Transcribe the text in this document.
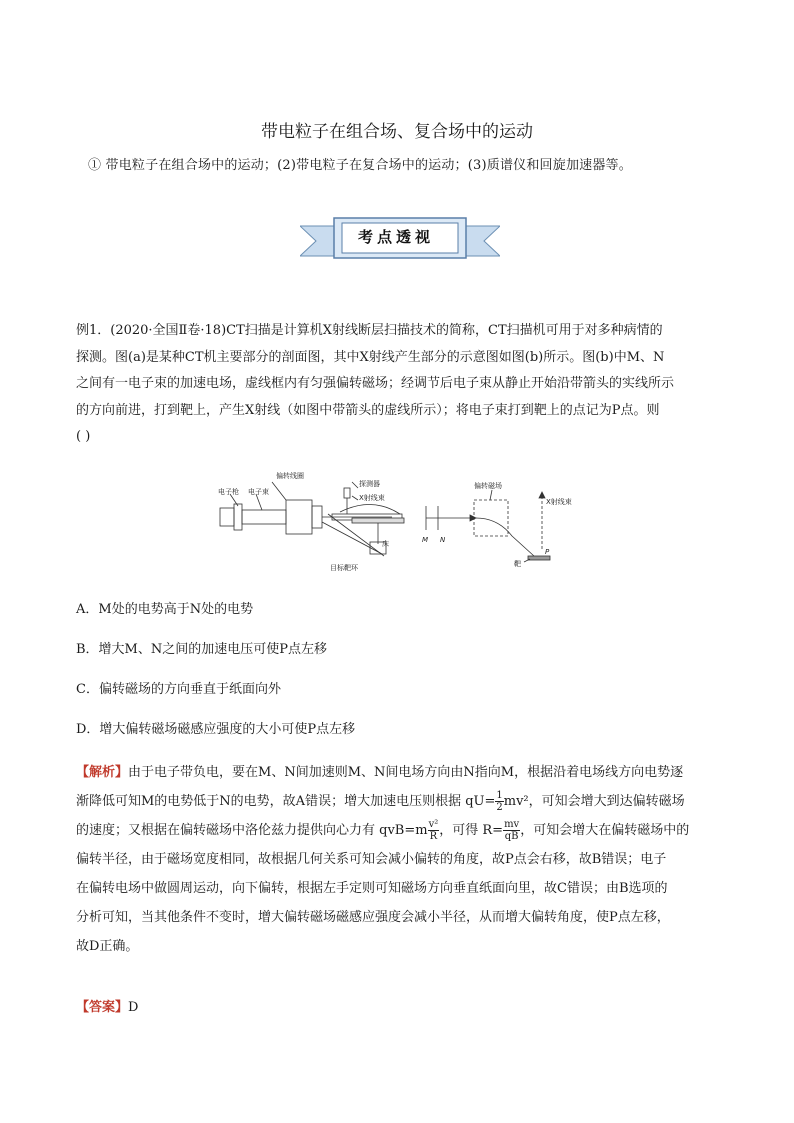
带电粒子在组合场、复合场中的运动
① 带电粒子在组合场中的运动；(2)带电粒子在复合场中的运动；(3)质谱仪和回旋加速器等。
考点透视
例1．(2020·全国Ⅱ卷·18)CT扫描是计算机X射线断层扫描技术的简称，CT扫描机可用于对多种病情的
探测。图(a)是某种CT机主要部分的剖面图，其中X射线产生部分的示意图如图(b)所示。图(b)中M、N
之间有一电子束的加速电场，虚线框内有匀强偏转磁场；经调节后电子束从静止开始沿带箭头的实线所示
的方向前进，打到靶上，产生X射线（如图中带箭头的虚线所示）；将电子束打到靶上的点记为P点。则
( )
偏转线圈
电子枪 电子束
探测器
X射线束
床
目标靶环
偏转磁场
X射线束
M N
P
靶
A．M处的电势高于N处的电势
B．增大M、N之间的加速电压可使P点左移
C．偏转磁场的方向垂直于纸面向外
D．增大偏转磁场磁感应强度的大小可使P点左移
【解析】由于电子带负电，要在M、N间加速则M、N间电场方向由N指向M，根据沿着电场线方向电势逐
渐降低可知M的电势低于N的电势，故A错误；增大加速电压则根据 $qU= \frac{1}{2} mv^2$，可知会增大到达偏转磁场
的速度；又根据在偏转磁场中洛伦兹力提供向心力有 $qvB=m \frac{\text{v²}}{R}$ ，可得 $R= \frac{mv}{qB}$ ，可知会增大在偏转磁场中的
偏转半径，由于磁场宽度相同，故根据几何关系可知会减小偏转的角度，故P点会右移，故B错误；电子
在偏转电场中做圆周运动，向下偏转，根据左手定则可知磁场方向垂直纸面向里，故C错误；由B选项的
分析可知，当其他条件不变时，增大偏转磁场磁感应强度会减小半径，从而增大偏转角度，使P点左移，
故D正确。
【答案】D
